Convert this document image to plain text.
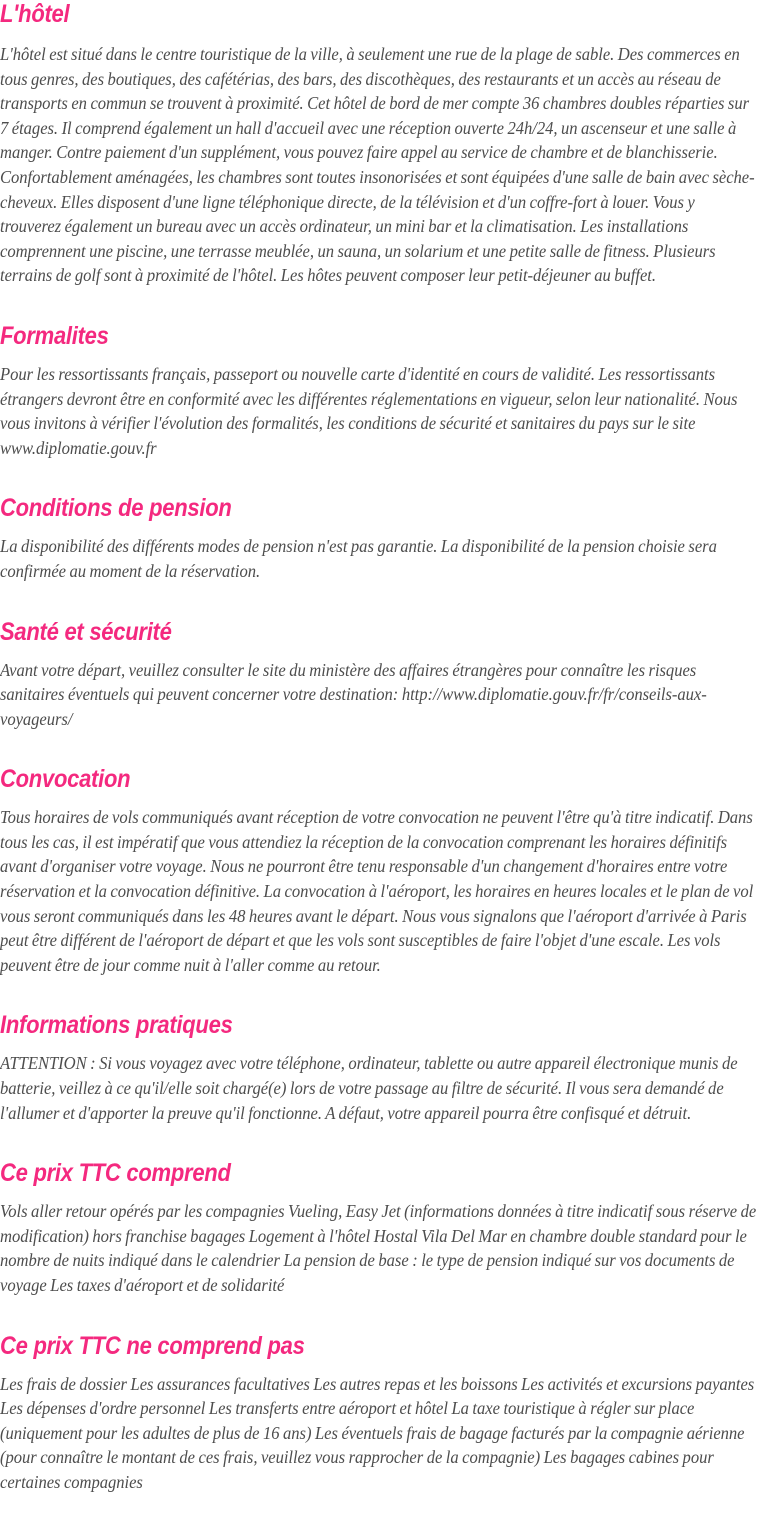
L'hôtel

L'hôtel est situé dans le centre touristique de la ville, à seulement une rue de la plage de sable. Des commerces en tous genres, des boutiques, des cafétérias, des bars, des discothèques, des restaurants et un accès au réseau de transports en commun se trouvent à proximité. Cet hôtel de bord de mer compte 36 chambres doubles réparties sur 7 étages. Il comprend également un hall d'accueil avec une réception ouverte 24h/24, un ascenseur et une salle à manger. Contre paiement d'un supplément, vous pouvez faire appel au service de chambre et de blanchisserie. Confortablement aménagées, les chambres sont toutes insonorisées et sont équipées d'une salle de bain avec sèche-cheveux. Elles disposent d'une ligne téléphonique directe, de la télévision et d'un coffre-fort à louer. Vous y trouverez également un bureau avec un accès ordinateur, un mini bar et la climatisation. Les installations comprennent une piscine, une terrasse meublée, un sauna, un solarium et une petite salle de fitness. Plusieurs terrains de golf sont à proximité de l'hôtel. Les hôtes peuvent composer leur petit-déjeuner au buffet.

Formalites

Pour les ressortissants français, passeport ou nouvelle carte d'identité en cours de validité. Les ressortissants étrangers devront être en conformité avec les différentes réglementations en vigueur, selon leur nationalité. Nous vous invitons à vérifier l'évolution des formalités, les conditions de sécurité et sanitaires du pays sur le site www.diplomatie.gouv.fr

Conditions de pension

La disponibilité des différents modes de pension n'est pas garantie. La disponibilité de la pension choisie sera confirmée au moment de la réservation.

Santé et sécurité

Avant votre départ, veuillez consulter le site du ministère des affaires étrangères pour connaître les risques sanitaires éventuels qui peuvent concerner votre destination: http://www.diplomatie.gouv.fr/fr/conseils-aux-voyageurs/

Convocation

Tous horaires de vols communiqués avant réception de votre convocation ne peuvent l'être qu'à titre indicatif. Dans tous les cas, il est impératif que vous attendiez la réception de la convocation comprenant les horaires définitifs avant d'organiser votre voyage. Nous ne pourront être tenu responsable d'un changement d'horaires entre votre réservation et la convocation définitive. La convocation à l'aéroport, les horaires en heures locales et le plan de vol vous seront communiqués dans les 48 heures avant le départ. Nous vous signalons que l'aéroport d'arrivée à Paris peut être différent de l'aéroport de départ et que les vols sont susceptibles de faire l'objet d'une escale. Les vols peuvent être de jour comme nuit à l'aller comme au retour.

Informations pratiques

ATTENTION : Si vous voyagez avec votre téléphone, ordinateur, tablette ou autre appareil électronique munis de batterie, veillez à ce qu'il/elle soit chargé(e) lors de votre passage au filtre de sécurité. Il vous sera demandé de l'allumer et d'apporter la preuve qu'il fonctionne. A défaut, votre appareil pourra être confisqué et détruit.

Ce prix TTC comprend

Vols aller retour opérés par les compagnies Vueling, Easy Jet (informations données à titre indicatif sous réserve de modification) hors franchise bagages Logement à l'hôtel Hostal Vila Del Mar en chambre double standard pour le nombre de nuits indiqué dans le calendrier La pension de base : le type de pension indiqué sur vos documents de voyage Les taxes d'aéroport et de solidarité

Ce prix TTC ne comprend pas

Les frais de dossier Les assurances facultatives Les autres repas et les boissons Les activités et excursions payantes Les dépenses d'ordre personnel Les transferts entre aéroport et hôtel La taxe touristique à régler sur place (uniquement pour les adultes de plus de 16 ans) Les éventuels frais de bagage facturés par la compagnie aérienne (pour connaître le montant de ces frais, veuillez vous rapprocher de la compagnie) Les bagages cabines pour certaines compagnies
